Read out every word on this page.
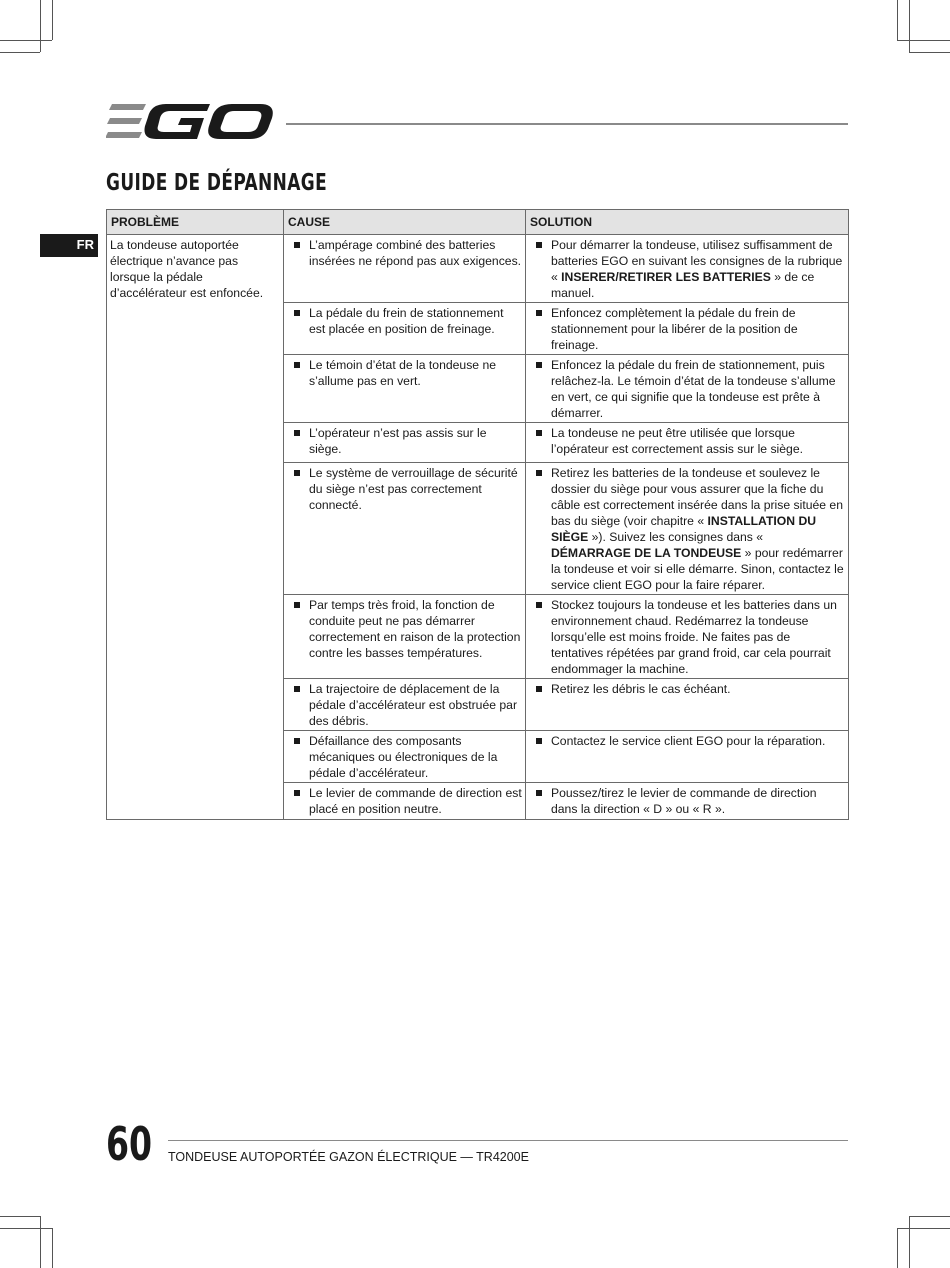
GUIDE DE DÉPANNAGE
FR
PROBLÈME	CAUSE	SOLUTION
La tondeuse autoportée électrique n’avance pas lorsque la pédale d’accélérateur est enfoncée.	L’ampérage combiné des batteries insérées ne répond pas aux exigences.	Pour démarrer la tondeuse, utilisez suffisamment de batteries EGO en suivant les consignes de la rubrique « INSERER/RETIRER LES BATTERIES » de ce manuel.

	La pédale du frein de stationnement est placée en position de freinage.	Enfoncez complètement la pédale du frein de stationnement pour la libérer de la position de freinage.

	Le témoin d’état de la tondeuse ne s’allume pas en vert.	Enfoncez la pédale du frein de stationnement, puis relâchez-la. Le témoin d’état de la tondeuse s’allume en vert, ce qui signifie que la tondeuse est prête à démarrer.

	L’opérateur n’est pas assis sur le siège.	La tondeuse ne peut être utilisée que lorsque l’opérateur est correctement assis sur le siège.

	Le système de verrouillage de sécurité du siège n’est pas correctement connecté.	Retirez les batteries de la tondeuse et soulevez le dossier du siège pour vous assurer que la fiche du câble est correctement insérée dans la prise située en bas du siège (voir chapitre « INSTALLATION DU SIÈGE »). Suivez les consignes dans « DÉMARRAGE DE LA TONDEUSE » pour redémarrer la tondeuse et voir si elle démarre. Sinon, contactez le service client EGO pour la faire réparer.

	Par temps très froid, la fonction de conduite peut ne pas démarrer correctement en raison de la protection contre les basses températures.	Stockez toujours la tondeuse et les batteries dans un environnement chaud. Redémarrez la tondeuse lorsqu’elle est moins froide. Ne faites pas de tentatives répétées par grand froid, car cela pourrait endommager la machine.

	La trajectoire de déplacement de la pédale d’accélérateur est obstruée par des débris.	Retirez les débris le cas échéant.

	Défaillance des composants mécaniques ou électroniques de la pédale d’accélérateur.	Contactez le service client EGO pour la réparation.

	Le levier de commande de direction est placé en position neutre.	Poussez/tirez le levier de commande de direction dans la direction « D » ou « R ».
60 TONDEUSE AUTOPORTÉE GAZON ÉLECTRIQUE — TR4200E
